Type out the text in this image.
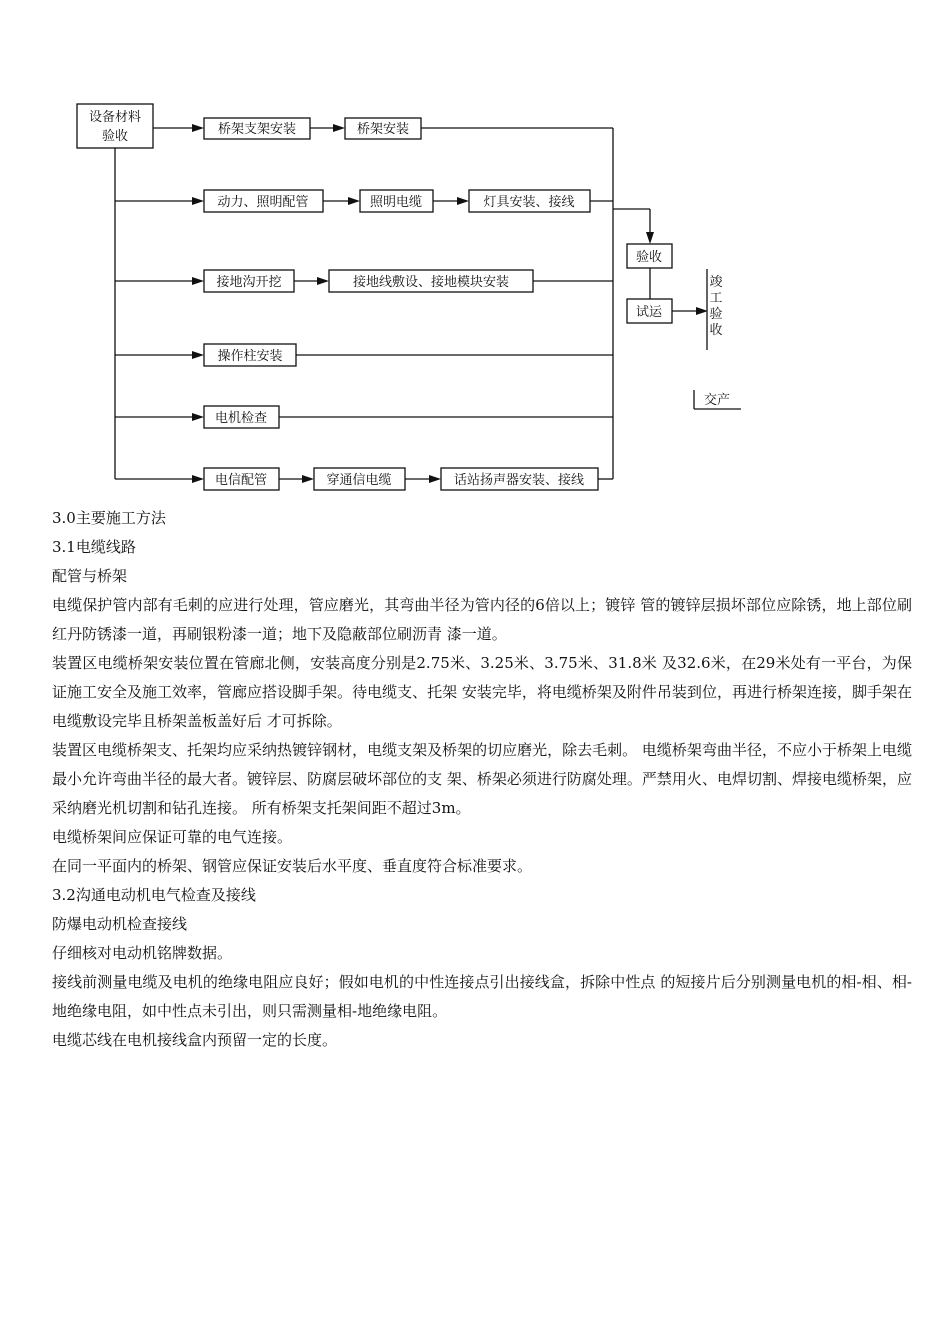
设备材料
验收	桥架支架安装	桥架安装
动力、照明配管	照明电缆	灯具安装、接线
接地沟开挖	接地线敷设、接地模块安装
操作柱安装
电机检查
电信配管	穿通信电缆	话站扬声器安装、接线
验收
试运
竣
工
验
收
交产

3.0主要施工方法

3.1电缆线路

配管与桥架

电缆保护管内部有毛刺的应进行处理，管应磨光，其弯曲半径为管内径的6倍以上；镀锌 管的镀锌层损坏部位应除锈，地上部位刷红丹防锈漆一道，再刷银粉漆一道；地下及隐蔽部位刷沥青 漆一道。

装置区电缆桥架安装位置在管廊北侧，安装高度分别是2.75米、3.25米、3.75米、31.8米 及32.6米，在29米处有一平台，为保证施工安全及施工效率，管廊应搭设脚手架。待电缆支、托架 安装完毕，将电缆桥架及附件吊装到位，再进行桥架连接，脚手架在电缆敷设完毕且桥架盖板盖好后 才可拆除。

装置区电缆桥架支、托架均应采纳热镀锌钢材，电缆支架及桥架的切应磨光，除去毛刺。 电缆桥架弯曲半径，不应小于桥架上电缆最小允许弯曲半径的最大者。镀锌层、防腐层破坏部位的支 架、桥架必须进行防腐处理。严禁用火、电焊切割、焊接电缆桥架，应采纳磨光机切割和钻孔连接。 所有桥架支托架间距不超过3m。

电缆桥架间应保证可靠的电气连接。

在同一平面内的桥架、钢管应保证安装后水平度、垂直度符合标准要求。

3.2沟通电动机电气检查及接线

防爆电动机检查接线

仔细核对电动机铭牌数据。

接线前测量电缆及电机的绝缘电阻应良好；假如电机的中性连接点引出接线盒，拆除中性点 的短接片后分别测量电机的相-相、相-地绝缘电阻，如中性点未引出，则只需测量相-地绝缘电阻。

电缆芯线在电机接线盒内预留一定的长度。
